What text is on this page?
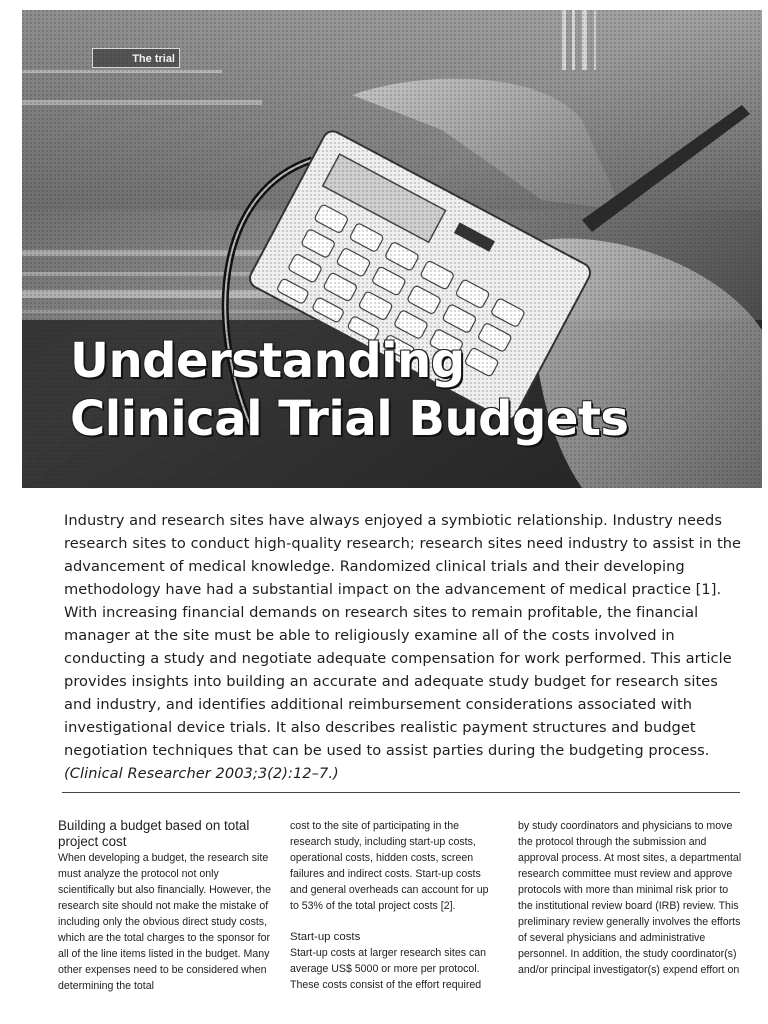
The trial
Understanding
Clinical Trial Budgets

Industry and research sites have always enjoyed a symbiotic relationship. Industry needs research sites to conduct high-quality research; research sites need industry to assist in the advancement of medical knowledge. Randomized clinical trials and their developing methodology have had a substantial impact on the advancement of medical practice [1]. With increasing financial demands on research sites to remain profitable, the financial manager at the site must be able to religiously examine all of the costs involved in conducting a study and negotiate adequate compensation for work performed. This article provides insights into building an accurate and adequate study budget for research sites and industry, and identifies additional reimbursement considerations associated with investigational device trials. It also describes realistic payment structures and budget negotiation techniques that can be used to assist parties during the budgeting process. (Clinical Researcher 2003;3(2):12–7.)

Building a budget based on total project cost

When developing a budget, the research site must analyze the protocol not only scientifically but also financially. However, the research site should not make the mistake of including only the obvious direct study costs, which are the total charges to the sponsor for all of the line items listed in the budget. Many other expenses need to be considered when determining the total

cost to the site of participating in the research study, including start-up costs, operational costs, hidden costs, screen failures and indirect costs. Start-up costs and general overheads can account for up to 53% of the total project costs [2].

Start-up costs

Start-up costs at larger research sites can average US$ 5000 or more per protocol. These costs consist of the effort required

by study coordinators and physicians to move the protocol through the submission and approval process. At most sites, a departmental research committee must review and approve protocols with more than minimal risk prior to the institutional review board (IRB) review. This preliminary review generally involves the efforts of several physicians and administrative personnel. In addition, the study coordinator(s) and/or principal investigator(s) expend effort on
